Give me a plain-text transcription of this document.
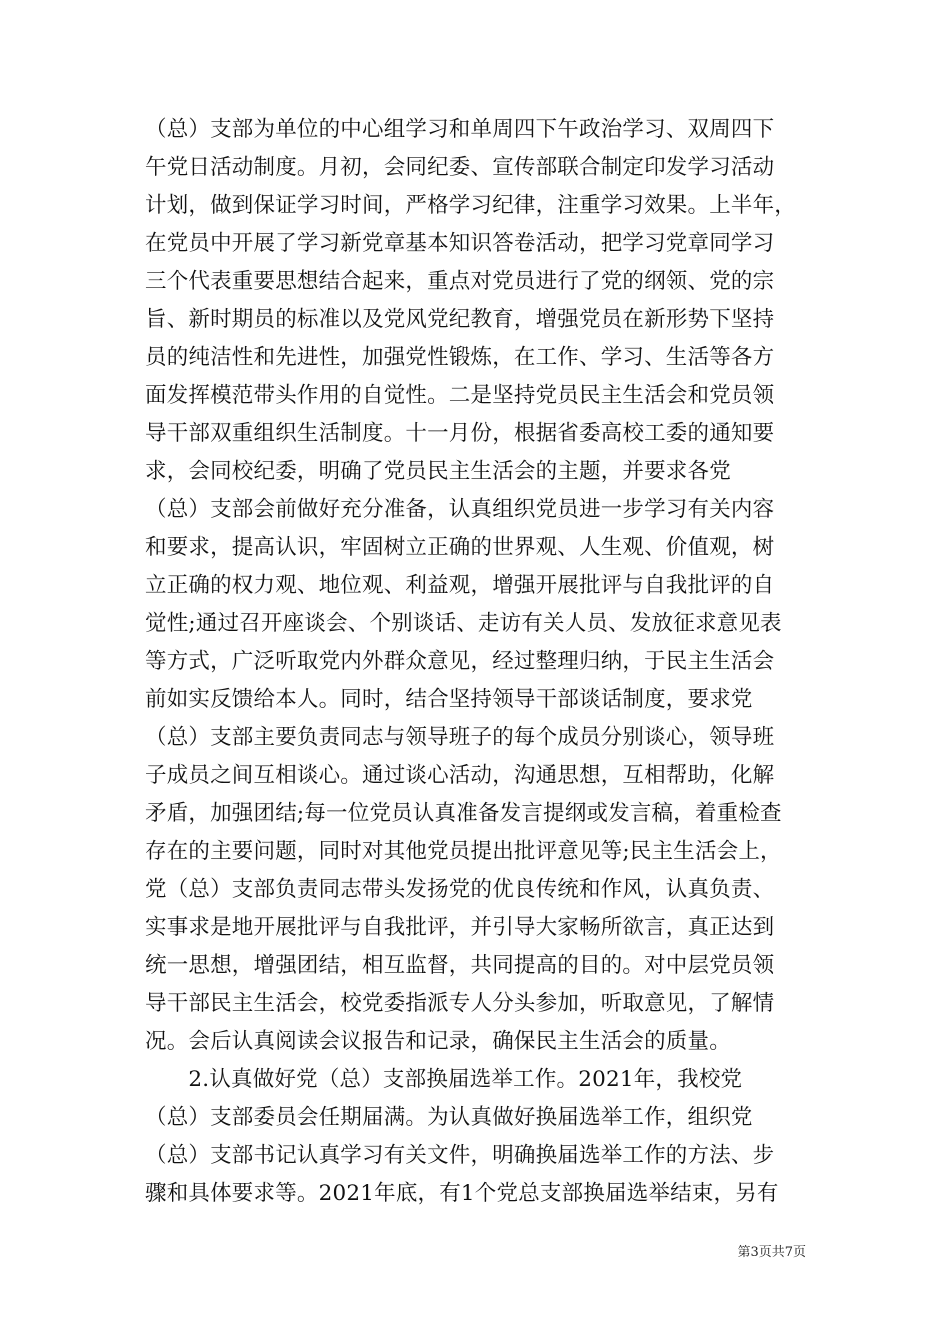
（总）支部为单位的中心组学习和单周四下午政治学习、双周四下
午党日活动制度。月初，会同纪委、宣传部联合制定印发学习活动
计划，做到保证学习时间，严格学习纪律，注重学习效果。上半年，
在党员中开展了学习新党章基本知识答卷活动，把学习党章同学习
三个代表重要思想结合起来，重点对党员进行了党的纲领、党的宗
旨、新时期员的标准以及党风党纪教育，增强党员在新形势下坚持
员的纯洁性和先进性，加强党性锻炼，在工作、学习、生活等各方
面发挥模范带头作用的自觉性。二是坚持党员民主生活会和党员领
导干部双重组织生活制度。十一月份，根据省委高校工委的通知要
求，会同校纪委，明确了党员民主生活会的主题，并要求各党
（总）支部会前做好充分准备，认真组织党员进一步学习有关内容
和要求，提高认识，牢固树立正确的世界观、人生观、价值观，树
立正确的权力观、地位观、利益观，增强开展批评与自我批评的自
觉性;通过召开座谈会、个别谈话、走访有关人员、发放征求意见表
等方式，广泛听取党内外群众意见，经过整理归纳，于民主生活会
前如实反馈给本人。同时，结合坚持领导干部谈话制度，要求党
（总）支部主要负责同志与领导班子的每个成员分别谈心，领导班
子成员之间互相谈心。通过谈心活动，沟通思想，互相帮助，化解
矛盾，加强团结;每一位党员认真准备发言提纲或发言稿，着重检查
存在的主要问题，同时对其他党员提出批评意见等;民主生活会上，
党（总）支部负责同志带头发扬党的优良传统和作风，认真负责、
实事求是地开展批评与自我批评，并引导大家畅所欲言，真正达到
统一思想，增强团结，相互监督，共同提高的目的。对中层党员领
导干部民主生活会，校党委指派专人分头参加，听取意见，了解情
况。会后认真阅读会议报告和记录，确保民主生活会的质量。
　　2.认真做好党（总）支部换届选举工作。2021年，我校党
（总）支部委员会任期届满。为认真做好换届选举工作，组织党
（总）支部书记认真学习有关文件，明确换届选举工作的方法、步
骤和具体要求等。2021年底，有1个党总支部换届选举结束，另有
第3页共7页
